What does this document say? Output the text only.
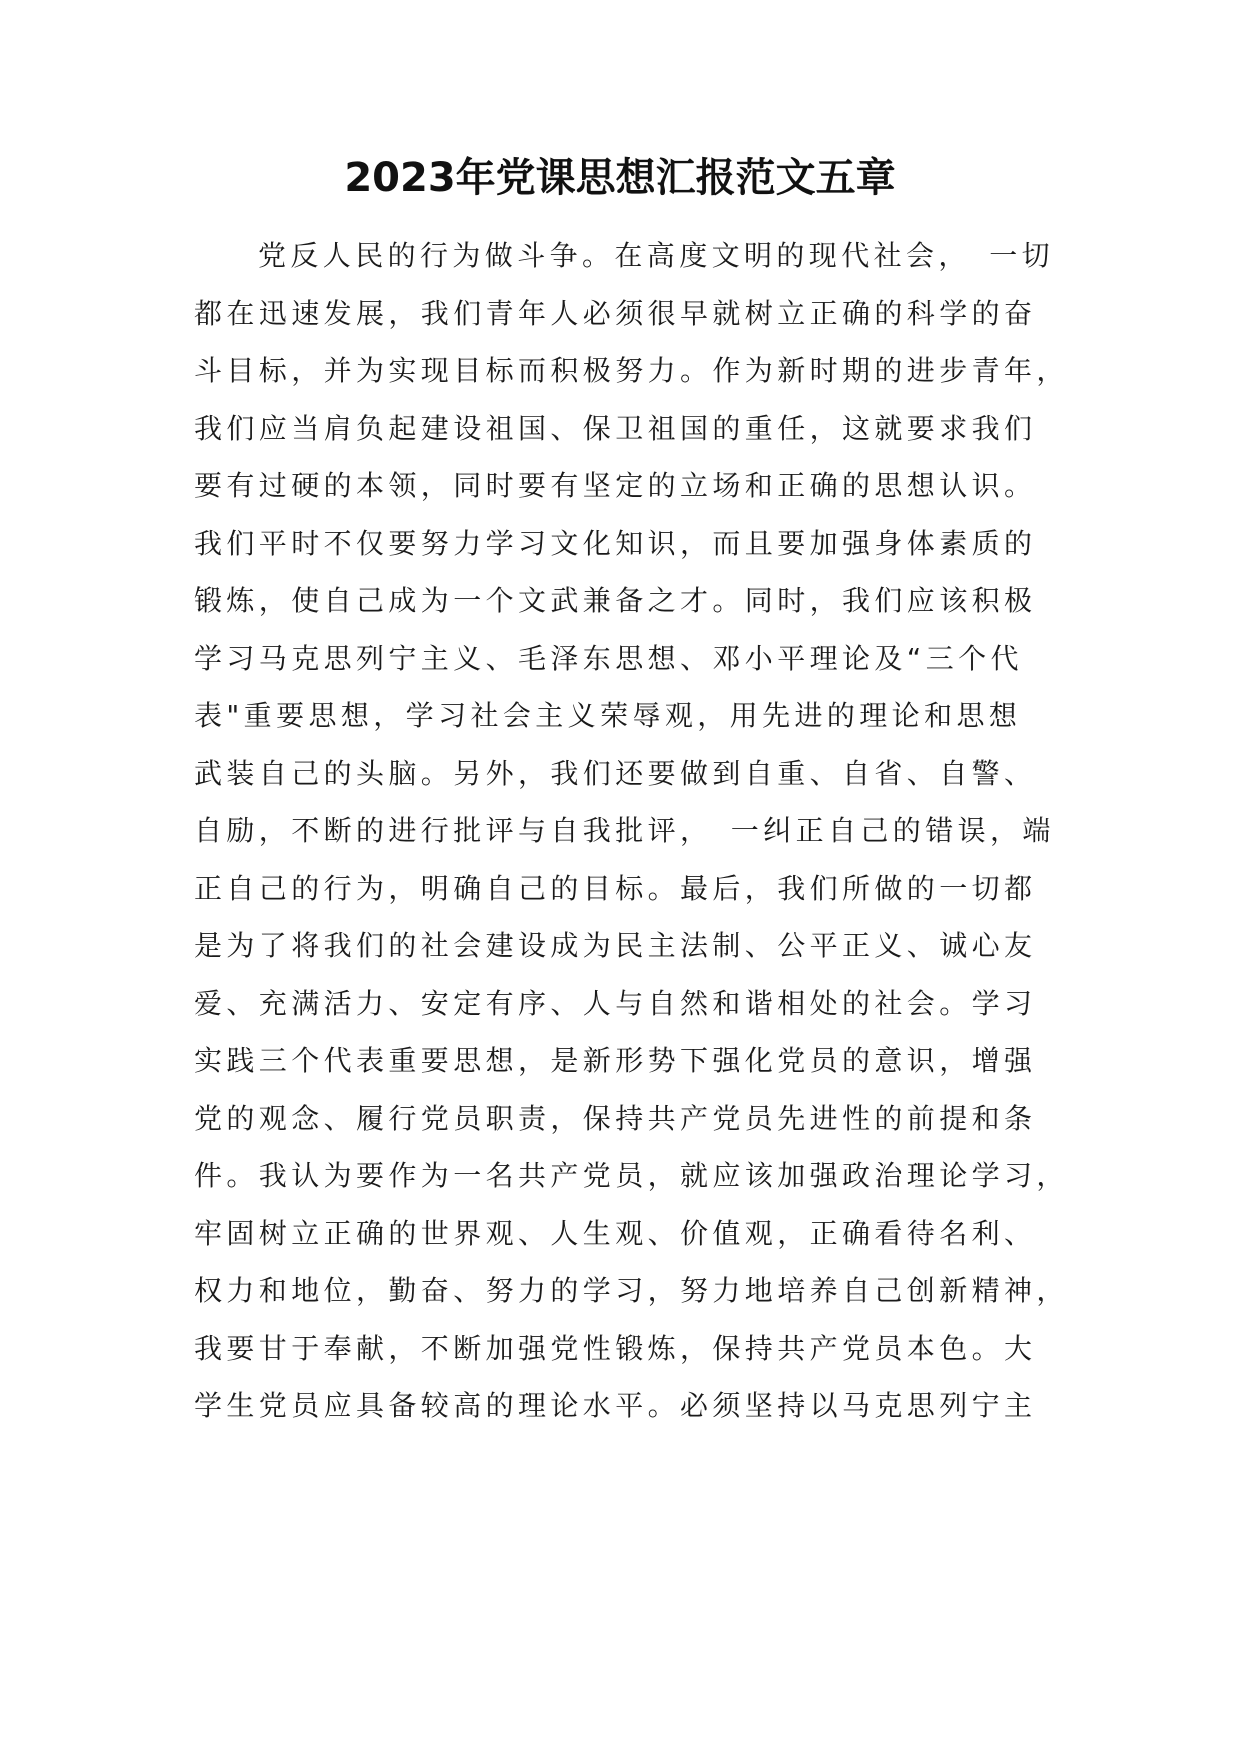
2023年党课思想汇报范文五章
党反人民的行为做斗争。在高度文明的现代社会，　一切
都在迅速发展，我们青年人必须很早就树立正确的科学的奋
斗目标，并为实现目标而积极努力。作为新时期的进步青年，
我们应当肩负起建设祖国、保卫祖国的重任，这就要求我们
要有过硬的本领，同时要有坚定的立场和正确的思想认识。
我们平时不仅要努力学习文化知识，而且要加强身体素质的
锻炼，使自己成为一个文武兼备之才。同时，我们应该积极
学习马克思列宁主义、毛泽东思想、邓小平理论及“三个代
表"重要思想，学习社会主义荣辱观，用先进的理论和思想
武装自己的头脑。另外，我们还要做到自重、自省、自警、
自励，不断的进行批评与自我批评，　一纠正自己的错误，端
正自己的行为，明确自己的目标。最后，我们所做的一切都
是为了将我们的社会建设成为民主法制、公平正义、诚心友
爱、充满活力、安定有序、人与自然和谐相处的社会。学习
实践三个代表重要思想，是新形势下强化党员的意识，增强
党的观念、履行党员职责，保持共产党员先进性的前提和条
件。我认为要作为一名共产党员，就应该加强政治理论学习，
牢固树立正确的世界观、人生观、价值观，正确看待名利、
权力和地位，勤奋、努力的学习，努力地培养自己创新精神，
我要甘于奉献，不断加强党性锻炼，保持共产党员本色。大
学生党员应具备较高的理论水平。必须坚持以马克思列宁主
